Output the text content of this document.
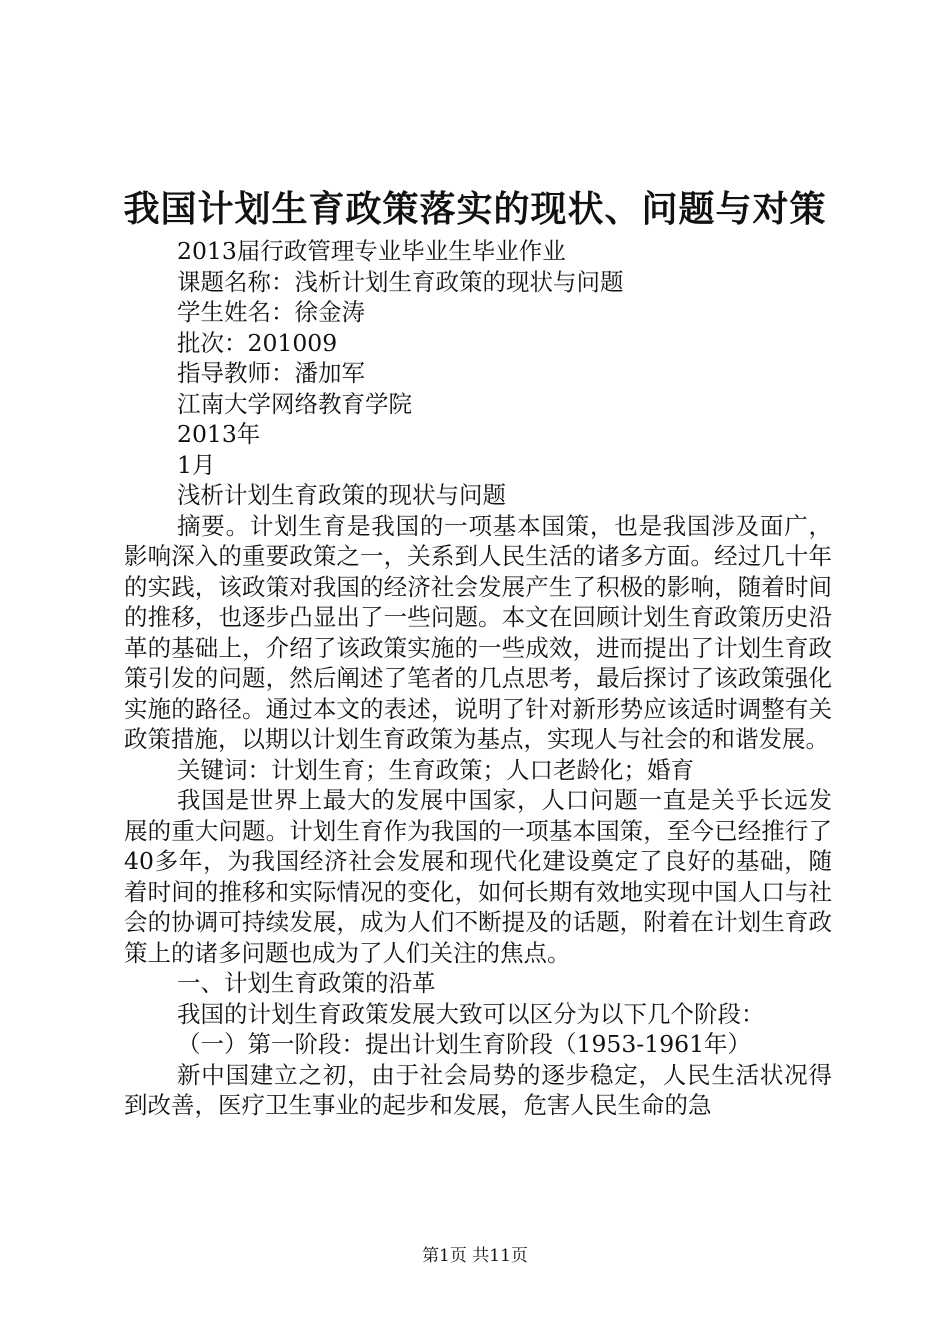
我国计划生育政策落实的现状、问题与对策

2013届行政管理专业毕业生毕业作业

课题名称：浅析计划生育政策的现状与问题

学生姓名：徐金涛

批次：201009

指导教师：潘加军

江南大学网络教育学院

2013年

1月

浅析计划生育政策的现状与问题

摘要。计划生育是我国的一项基本国策，也是我国涉及面广，影响深入的重要政策之一，关系到人民生活的诸多方面。经过几十年的实践，该政策对我国的经济社会发展产生了积极的影响，随着时间的推移，也逐步凸显出了一些问题。本文在回顾计划生育政策历史沿革的基础上，介绍了该政策实施的一些成效，进而提出了计划生育政策引发的问题，然后阐述了笔者的几点思考，最后探讨了该政策强化实施的路径。通过本文的表述，说明了针对新形势应该适时调整有关政策措施，以期以计划生育政策为基点，实现人与社会的和谐发展。

关键词：计划生育；生育政策；人口老龄化；婚育

我国是世界上最大的发展中国家，人口问题一直是关乎长远发展的重大问题。计划生育作为我国的一项基本国策，至今已经推行了40多年，为我国经济社会发展和现代化建设奠定了良好的基础，随着时间的推移和实际情况的变化，如何长期有效地实现中国人口与社会的协调可持续发展，成为人们不断提及的话题，附着在计划生育政策上的诸多问题也成为了人们关注的焦点。

一、计划生育政策的沿革

我国的计划生育政策发展大致可以区分为以下几个阶段：

（一）第一阶段：提出计划生育阶段（1953-1961年）

新中国建立之初，由于社会局势的逐步稳定，人民生活状况得到改善，医疗卫生事业的起步和发展，危害人民生命的急

第1页 共11页
